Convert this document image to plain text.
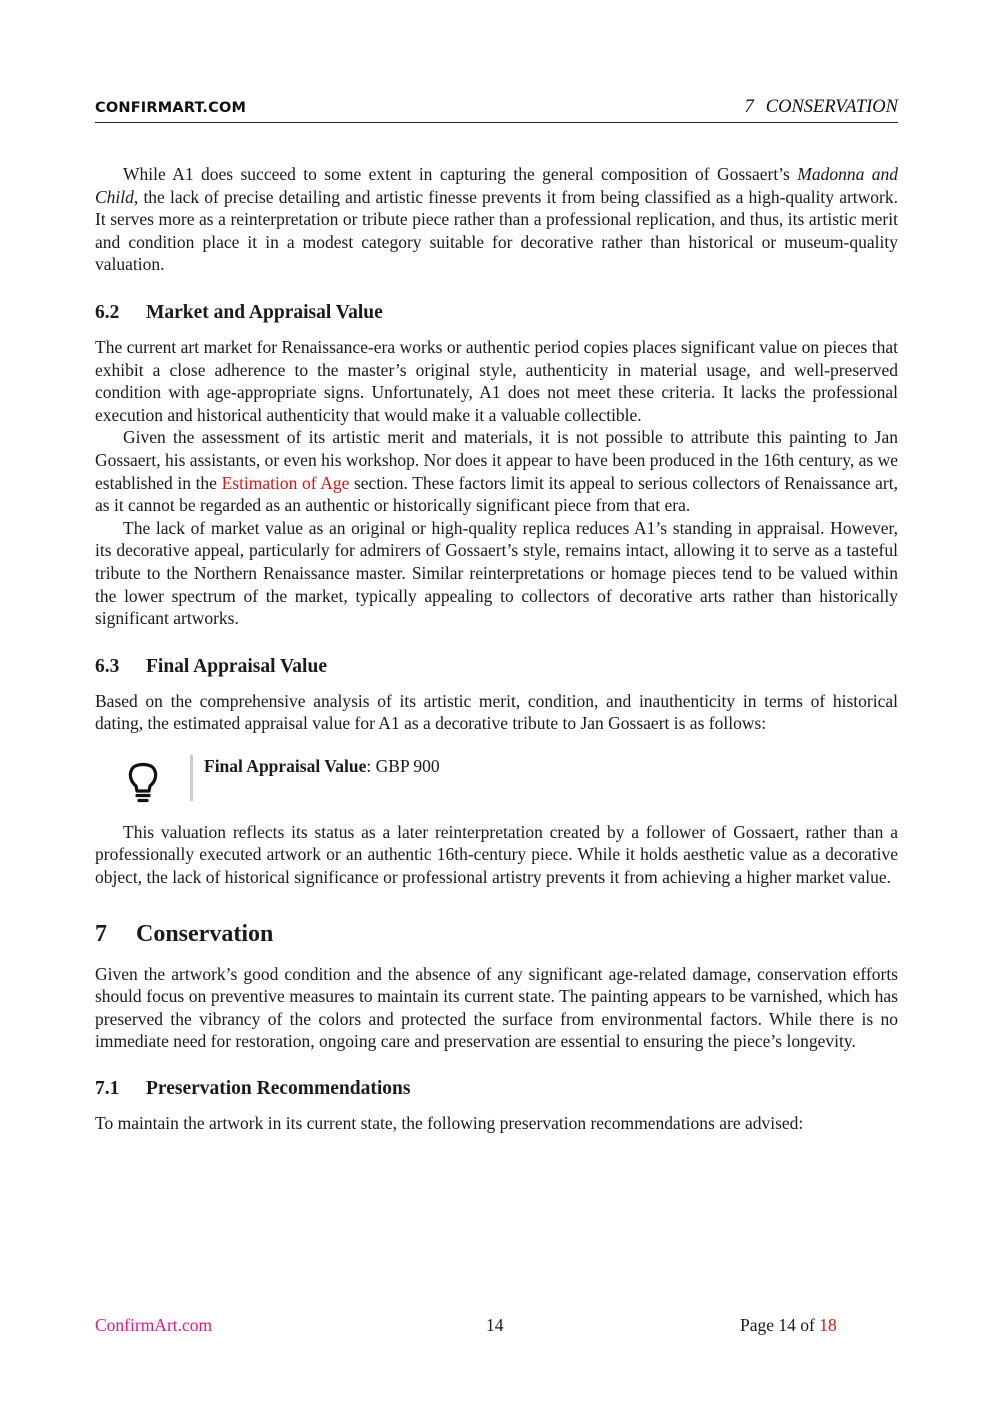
CONFIRMART.COM	7 CONSERVATION

While A1 does succeed to some extent in capturing the general composition of Gossaert’s Madonna and Child, the lack of precise detailing and artistic finesse prevents it from being classified as a high-quality artwork. It serves more as a reinterpretation or tribute piece rather than a professional replication, and thus, its artistic merit and condition place it in a modest category suitable for decorative rather than historical or museum-quality valuation.

6.2 Market and Appraisal Value

The current art market for Renaissance-era works or authentic period copies places significant value on pieces that exhibit a close adherence to the master’s original style, authenticity in material usage, and well-preserved condition with age-appropriate signs. Unfortunately, A1 does not meet these criteria. It lacks the professional execution and historical authenticity that would make it a valuable collectible.

Given the assessment of its artistic merit and materials, it is not possible to attribute this painting to Jan Gossaert, his assistants, or even his workshop. Nor does it appear to have been produced in the 16th century, as we established in the Estimation of Age section. These factors limit its appeal to serious collectors of Renaissance art, as it cannot be regarded as an authentic or historically significant piece from that era.

The lack of market value as an original or high-quality replica reduces A1’s standing in appraisal. However, its decorative appeal, particularly for admirers of Gossaert’s style, remains intact, allowing it to serve as a tasteful tribute to the Northern Renaissance master. Similar reinterpretations or homage pieces tend to be valued within the lower spectrum of the market, typically appealing to collectors of decorative arts rather than historically significant artworks.

6.3 Final Appraisal Value

Based on the comprehensive analysis of its artistic merit, condition, and inauthenticity in terms of historical dating, the estimated appraisal value for A1 as a decorative tribute to Jan Gossaert is as follows:

Final Appraisal Value: GBP 900

This valuation reflects its status as a later reinterpretation created by a follower of Gossaert, rather than a professionally executed artwork or an authentic 16th-century piece. While it holds aesthetic value as a decorative object, the lack of historical significance or professional artistry prevents it from achieving a higher market value.

7 Conservation

Given the artwork’s good condition and the absence of any significant age-related damage, conservation efforts should focus on preventive measures to maintain its current state. The painting appears to be varnished, which has preserved the vibrancy of the colors and protected the surface from environmental factors. While there is no immediate need for restoration, ongoing care and preservation are essential to ensuring the piece’s longevity.

7.1 Preservation Recommendations

To maintain the artwork in its current state, the following preservation recommendations are advised:

ConfirmArt.com	14	Page 14 of 18
